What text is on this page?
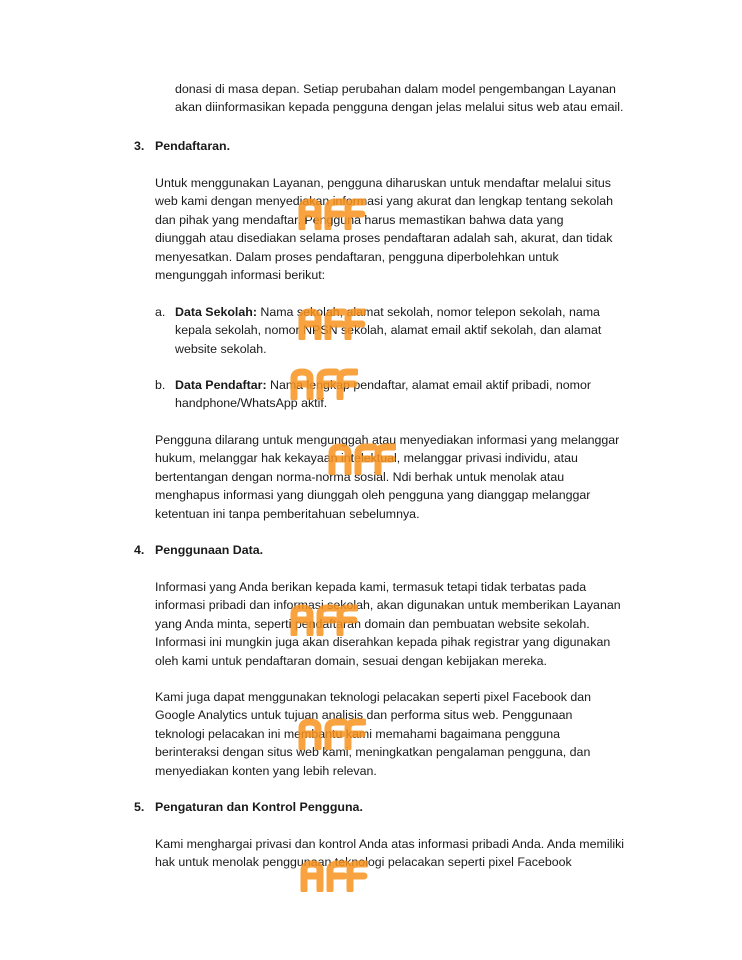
donasi di masa depan. Setiap perubahan dalam model pengembangan Layanan akan diinformasikan kepada pengguna dengan jelas melalui situs web atau email.

3. Pendaftaran.

Untuk menggunakan Layanan, pengguna diharuskan untuk mendaftar melalui situs web kami dengan menyediakan informasi yang akurat dan lengkap tentang sekolah dan pihak yang mendaftar. Pengguna harus memastikan bahwa data yang diunggah atau disediakan selama proses pendaftaran adalah sah, akurat, dan tidak menyesatkan. Dalam proses pendaftaran, pengguna diperbolehkan untuk mengunggah informasi berikut:

a. Data Sekolah: Nama sekolah, alamat sekolah, nomor telepon sekolah, nama kepala sekolah, nomor NPSN sekolah, alamat email aktif sekolah, dan alamat website sekolah.

b. Data Pendaftar: Nama lengkap pendaftar, alamat email aktif pribadi, nomor handphone/WhatsApp aktif.

Pengguna dilarang untuk mengunggah atau menyediakan informasi yang melanggar hukum, melanggar hak kekayaan intelektual, melanggar privasi individu, atau bertentangan dengan norma-norma sosial. Ndi berhak untuk menolak atau menghapus informasi yang diunggah oleh pengguna yang dianggap melanggar ketentuan ini tanpa pemberitahuan sebelumnya.

4. Penggunaan Data.

Informasi yang Anda berikan kepada kami, termasuk tetapi tidak terbatas pada informasi pribadi dan informasi sekolah, akan digunakan untuk memberikan Layanan yang Anda minta, seperti pendaftaran domain dan pembuatan website sekolah. Informasi ini mungkin juga akan diserahkan kepada pihak registrar yang digunakan oleh kami untuk pendaftaran domain, sesuai dengan kebijakan mereka.

Kami juga dapat menggunakan teknologi pelacakan seperti pixel Facebook dan Google Analytics untuk tujuan analisis dan performa situs web. Penggunaan teknologi pelacakan ini membantu kami memahami bagaimana pengguna berinteraksi dengan situs web kami, meningkatkan pengalaman pengguna, dan menyediakan konten yang lebih relevan.

5. Pengaturan dan Kontrol Pengguna.

Kami menghargai privasi dan kontrol Anda atas informasi pribadi Anda. Anda memiliki hak untuk menolak penggunaan teknologi pelacakan seperti pixel Facebook
